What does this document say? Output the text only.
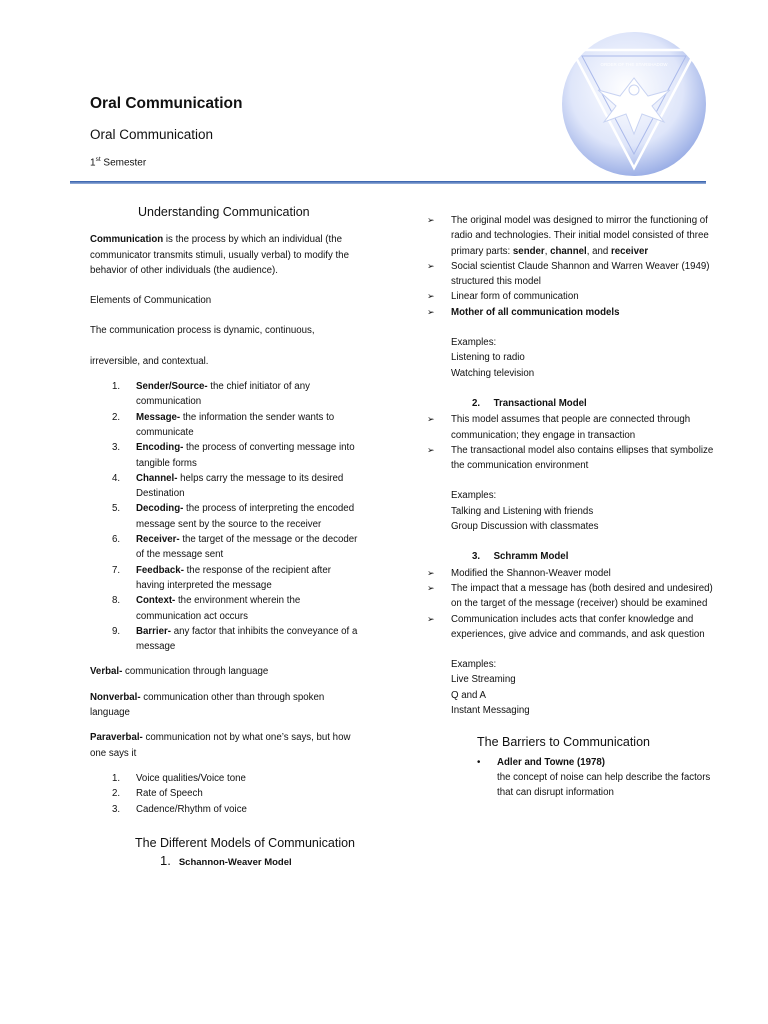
ORDER OF THE STARSHADOW
Oral Communication
Oral Communication
1st Semester
Understanding Communication

Communication is the process by which an individual (the communicator transmits stimuli, usually verbal) to modify the behavior of other individuals (the audience).

Elements of Communication

The communication process is dynamic, continuous,

irreversible, and contextual.

1. Sender/Source- the chief initiator of any communication
2. Message- the information the sender wants to communicate
3. Encoding- the process of converting message into tangible forms
4. Channel- helps carry the message to its desired Destination
5. Decoding- the process of interpreting the encoded message sent by the source to the receiver
6. Receiver- the target of the message or the decoder of the message sent
7. Feedback- the response of the recipient after having interpreted the message
8. Context- the environment wherein the communication act occurs
9. Barrier- any factor that inhibits the conveyance of a message

Verbal- communication through language

Nonverbal- communication other than through spoken language

Paraverbal- communication not by what one’s says, but how one says it

1. Voice qualities/Voice tone
2. Rate of Speech
3. Cadence/Rhythm of voice
The Different Models of Communication
1. Schannon-Weaver Model
➢ The original model was designed to mirror the functioning of radio and technologies. Their initial model consisted of three primary parts: sender, channel, and receiver
➢ Social scientist Claude Shannon and Warren Weaver (1949) structured this model
➢ Linear form of communication
➢ Mother of all communication models
Examples:
Listening to radio
Watching television
2. Transactional Model
➢ This model assumes that people are connected through communication; they engage in transaction
➢ The transactional model also contains ellipses that symbolize the communication environment
Examples:
Talking and Listening with friends
Group Discussion with classmates
3. Schramm Model
➢ Modified the Shannon-Weaver model
➢ The impact that a message has (both desired and undesired) on the target of the message (receiver) should be examined
➢ Communication includes acts that confer knowledge and experiences, give advice and commands, and ask question
Examples:
Live Streaming
Q and A
Instant Messaging
The Barriers to Communication
• Adler and Towne (1978)
the concept of noise can help describe the factors that can disrupt information
